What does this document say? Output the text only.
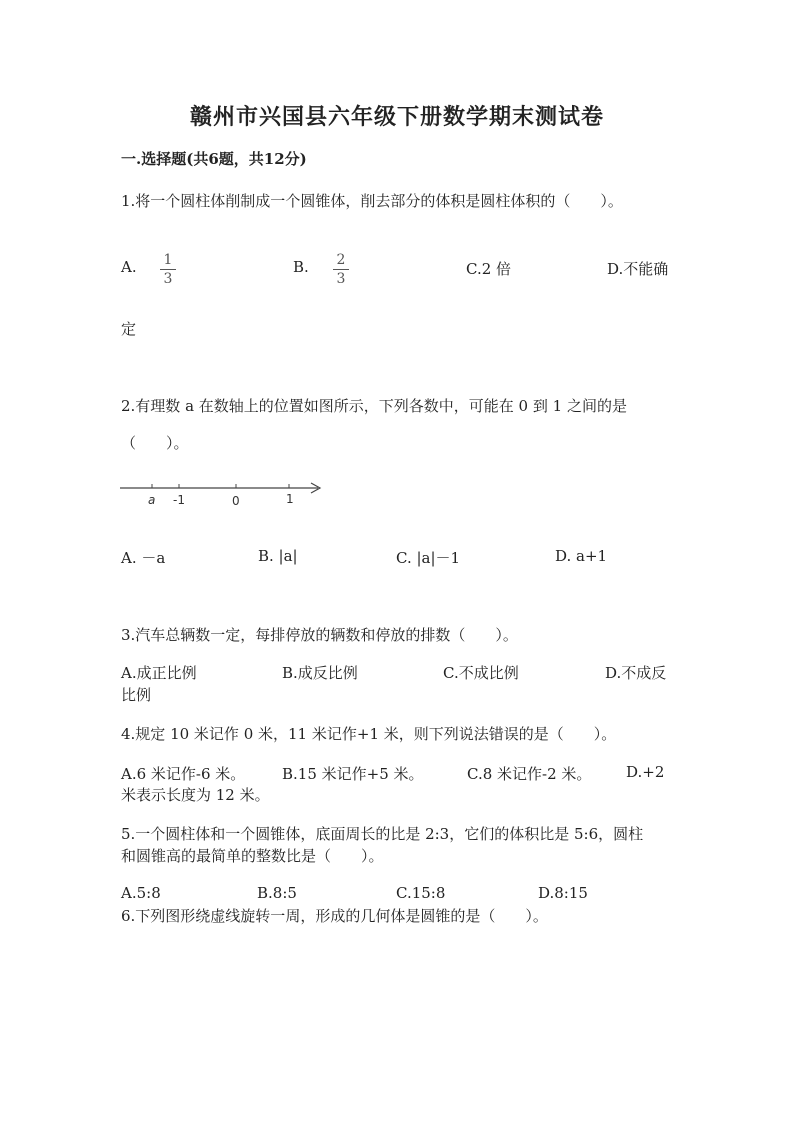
赣州市兴国县六年级下册数学期末测试卷
一.选择题(共6题，共12分)
1.将一个圆柱体削制成一个圆锥体，削去部分的体积是圆柱体积的（　　）。
A. 1
3
B. 2
3
C.2 倍	D.不能确
定
2.有理数 a 在数轴上的位置如图所示，下列各数中，可能在 0 到 1 之间的是
（　　）。
a -1	0	1
A. －a	B. |a|	C. |a|－1	D. a+1
3.汽车总辆数一定，每排停放的辆数和停放的排数（　　）。
A.成正比例	B.成反比例	C.不成比例	D.不成反
比例
4.规定 10 米记作 0 米，11 米记作+1 米，则下列说法错误的是（　　）。
A.6 米记作-6 米。 B.15 米记作+5 米。	C.8 米记作-2 米。 D.+2
米表示长度为 12 米。
5.一个圆柱体和一个圆锥体，底面周长的比是 2:3，它们的体积比是 5:6，圆柱
和圆锥高的最简单的整数比是（　　）。
A.5:8	B.8:5	C.15:8	D.8:15
6.下列图形绕虚线旋转一周，形成的几何体是圆锥的是（　　）。
